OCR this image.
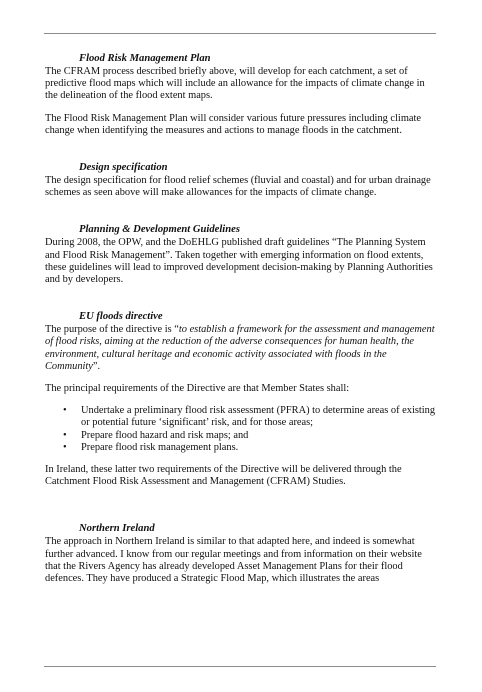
Flood Risk Management Plan

The CFRAM process described briefly above, will develop for each catchment, a set of predictive flood maps which will include an allowance for the impacts of climate change in the delineation of the flood extent maps.

The Flood Risk Management Plan will consider various future pressures including climate change when identifying the measures and actions to manage floods in the catchment.

Design specification

The design specification for flood relief schemes (fluvial and coastal) and for urban drainage schemes as seen above will make allowances for the impacts of climate change.

Planning & Development Guidelines

During 2008, the OPW, and the DoEHLG published draft guidelines “The Planning System and Flood Risk Management”. Taken together with emerging information on flood extents, these guidelines will lead to improved development decision-making by Planning Authorities and by developers.

EU floods directive

The purpose of the directive is “to establish a framework for the assessment and management of flood risks, aiming at the reduction of the adverse consequences for human health, the environment, cultural heritage and economic activity associated with floods in the Community”.

The principal requirements of the Directive are that Member States shall:

• Undertake a preliminary flood risk assessment (PFRA) to determine areas of existing or potential future ‘significant’ risk, and for those areas;
• Prepare flood hazard and risk maps; and
• Prepare flood risk management plans.

In Ireland, these latter two requirements of the Directive will be delivered through the Catchment Flood Risk Assessment and Management (CFRAM) Studies.

Northern Ireland

The approach in Northern Ireland is similar to that adapted here, and indeed is somewhat further advanced. I know from our regular meetings and from information on their website that the Rivers Agency has already developed Asset Management Plans for their flood defences. They have produced a Strategic Flood Map, which illustrates the areas
